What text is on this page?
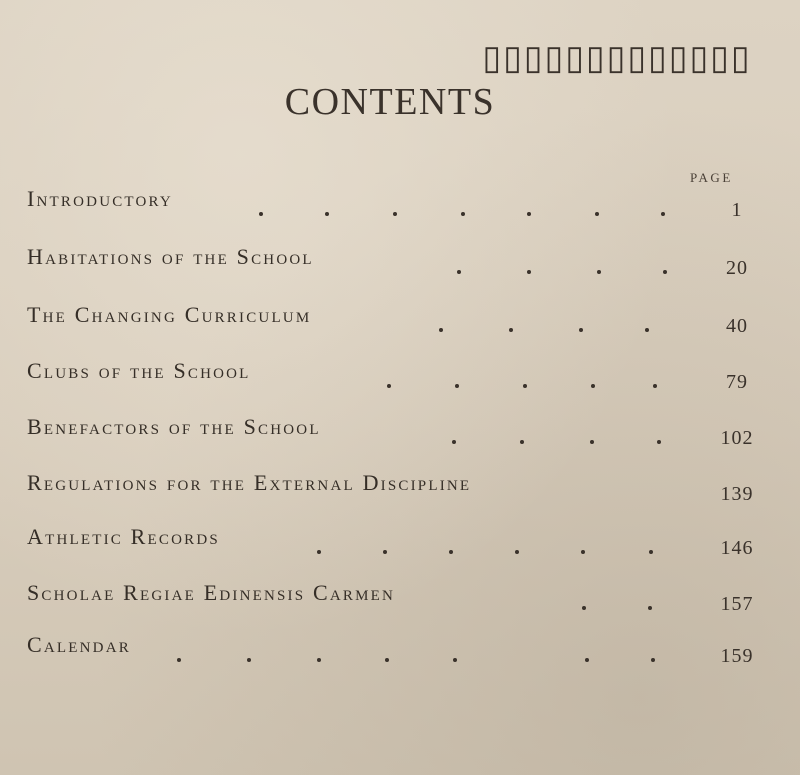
▯▯▯▯▯▯▯▯▯▯▯▯▯
CONTENTS
PAGE
Introductory	1
Habitations of the School	20
The Changing Curriculum	40
Clubs of the School	79
Benefactors of the School	102
Regulations for the External Discipline	139
Athletic Records	146
Scholae Regiae Edinensis Carmen	157
Calendar	159
